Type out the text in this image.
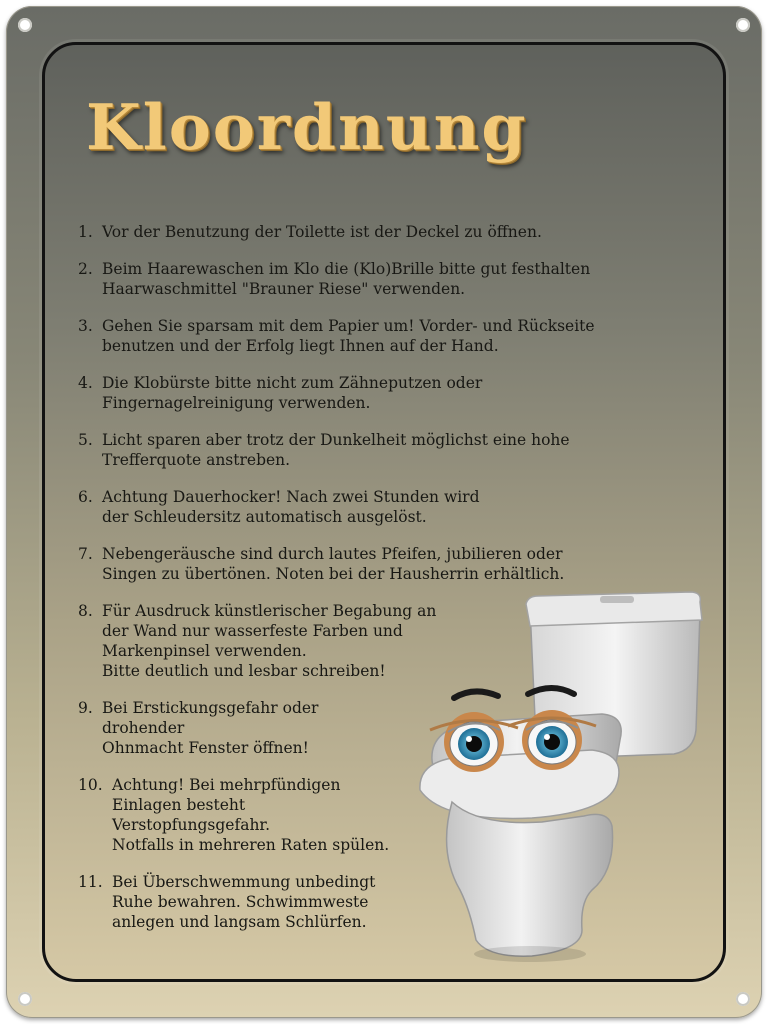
Kloordnung
1. Vor der Benutzung der Toilette ist der Deckel zu öffnen.
2. Beim Haarewaschen im Klo die (Klo)Brille bitte gut festhalten
Haarwaschmittel "Brauner Riese" verwenden.
3. Gehen Sie sparsam mit dem Papier um! Vorder- und Rückseite
benutzen und der Erfolg liegt Ihnen auf der Hand.
4. Die Klobürste bitte nicht zum Zähneputzen oder
Fingernagelreinigung verwenden.
5. Licht sparen aber trotz der Dunkelheit möglichst eine hohe
Trefferquote anstreben.
6. Achtung Dauerhocker! Nach zwei Stunden wird
der Schleudersitz automatisch ausgelöst.
7. Nebengeräusche sind durch lautes Pfeifen, jubilieren oder
Singen zu übertönen. Noten bei der Hausherrin erhältlich.
8. Für Ausdruck künstlerischer Begabung an
der Wand nur wasserfeste Farben und
Markenpinsel verwenden.
Bitte deutlich und lesbar schreiben!
9. Bei Erstickungsgefahr oder
drohender
Ohnmacht Fenster öffnen!
10. Achtung! Bei mehrpfündigen
Einlagen besteht
Verstopfungsgefahr.
Notfalls in mehreren Raten spülen.
11. Bei Überschwemmung unbedingt
Ruhe bewahren. Schwimmweste
anlegen und langsam Schlürfen.
